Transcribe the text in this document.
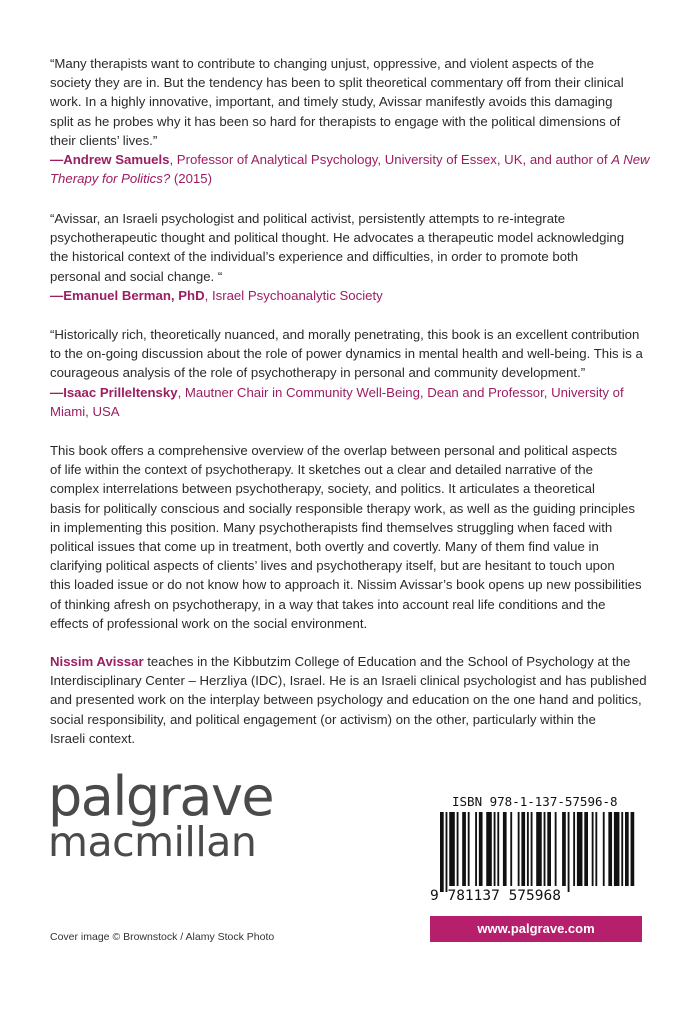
“Many therapists want to contribute to changing unjust, oppressive, and violent aspects of the
society they are in. But the tendency has been to split theoretical commentary off from their clinical
work. In a highly innovative, important, and timely study, Avissar manifestly avoids this damaging
split as he probes why it has been so hard for therapists to engage with the political dimensions of
their clients’ lives.”
—Andrew Samuels, Professor of Analytical Psychology, University of Essex, UK, and author of A New
Therapy for Politics? (2015)
“Avissar, an Israeli psychologist and political activist, persistently attempts to re-integrate
psychotherapeutic thought and political thought. He advocates a therapeutic model acknowledging
the historical context of the individual’s experience and difficulties, in order to promote both
personal and social change. “
—Emanuel Berman, PhD, Israel Psychoanalytic Society
“Historically rich, theoretically nuanced, and morally penetrating, this book is an excellent contribution
to the on-going discussion about the role of power dynamics in mental health and well-being. This is a
courageous analysis of the role of psychotherapy in personal and community development.”
—Isaac Prilleltensky, Mautner Chair in Community Well-Being, Dean and Professor, University of
Miami, USA
This book offers a comprehensive overview of the overlap between personal and political aspects
of life within the context of psychotherapy. It sketches out a clear and detailed narrative of the
complex interrelations between psychotherapy, society, and politics. It articulates a theoretical
basis for politically conscious and socially responsible therapy work, as well as the guiding principles
in implementing this position. Many psychotherapists find themselves struggling when faced with
political issues that come up in treatment, both overtly and covertly. Many of them find value in
clarifying political aspects of clients’ lives and psychotherapy itself, but are hesitant to touch upon
this loaded issue or do not know how to approach it. Nissim Avissar’s book opens up new possibilities
of thinking afresh on psychotherapy, in a way that takes into account real life conditions and the
effects of professional work on the social environment.
Nissim Avissar teaches in the Kibbutzim College of Education and the School of Psychology at the
Interdisciplinary Center – Herzliya (IDC), Israel. He is an Israeli clinical psychologist and has published
and presented work on the interplay between psychology and education on the one hand and politics,
social responsibility, and political engagement (or activism) on the other, particularly within the
Israeli context.
palgrave
macmillan
Cover image © Brownstock / Alamy Stock Photo
ISBN 978-1-137-57596-8
9 781137 575968
www.palgrave.com
